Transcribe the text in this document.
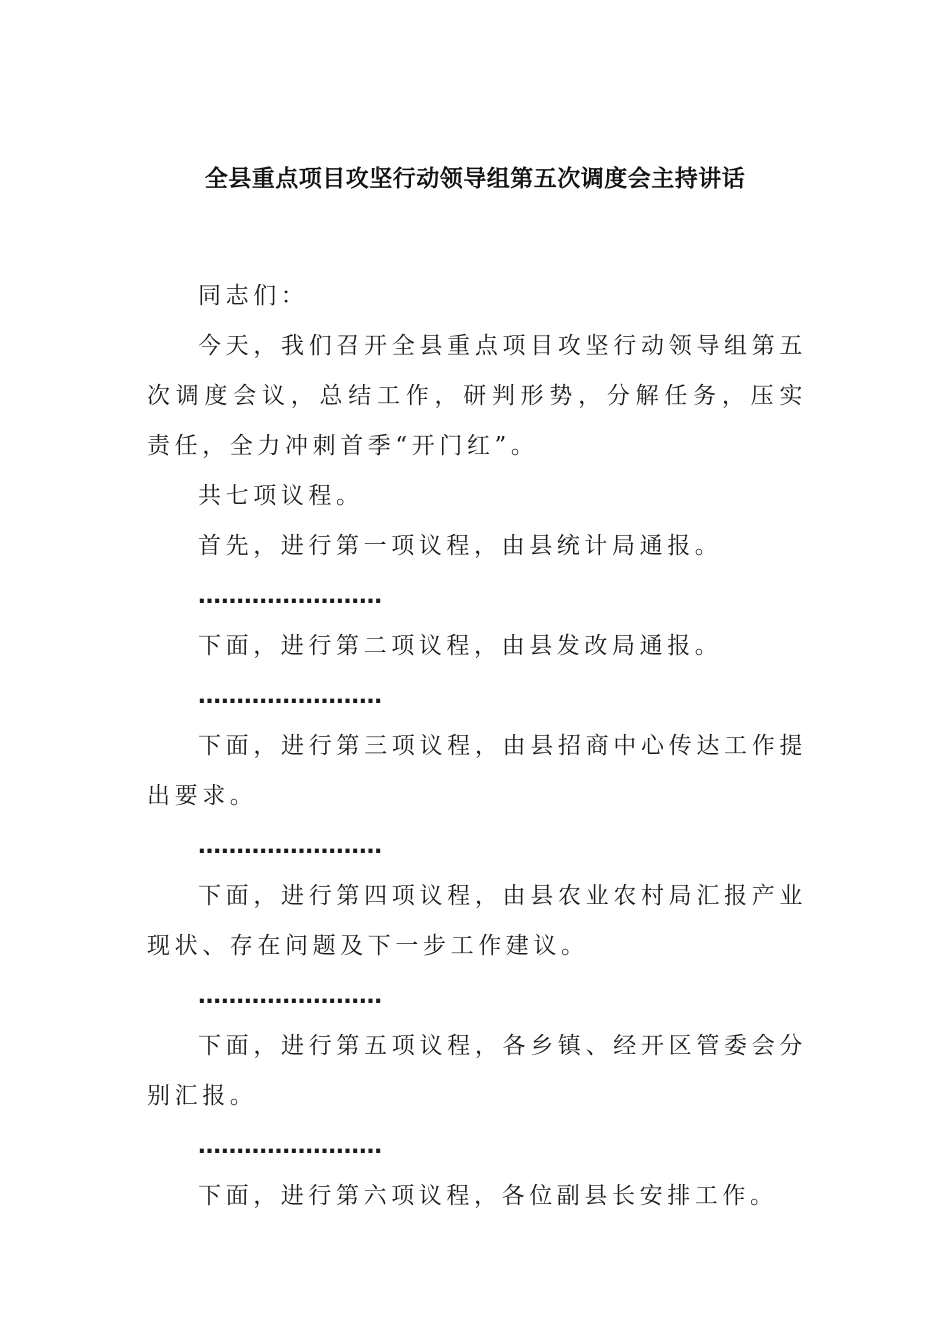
全县重点项目攻坚行动领导组第五次调度会主持讲话

同志们：

今天，我们召开全县重点项目攻坚行动领导组第五次调度会议，总结工作，研判形势，分解任务，压实责任，全力冲刺首季“开门红”。

共七项议程。

首先，进行第一项议程，由县统计局通报。

……………………

下面，进行第二项议程，由县发改局通报。

……………………

下面，进行第三项议程，由县招商中心传达工作提出要求。

……………………

下面，进行第四项议程，由县农业农村局汇报产业现状、存在问题及下一步工作建议。

……………………

下面，进行第五项议程，各乡镇、经开区管委会分别汇报。

……………………

下面，进行第六项议程，各位副县长安排工作。
